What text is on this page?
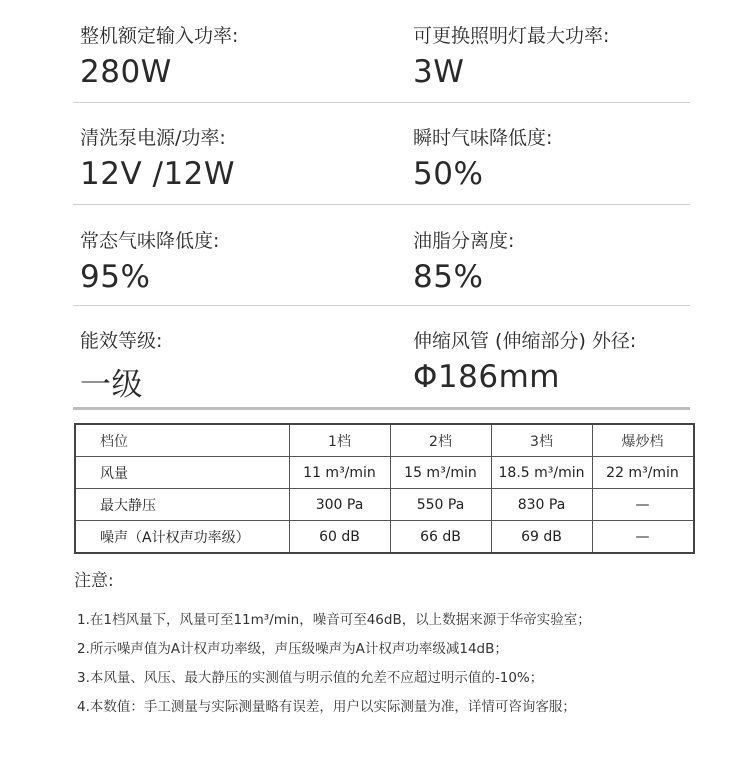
整机额定输入功率:
280W
可更换照明灯最大功率:
3W
清洗泵电源/功率:
12V /12W
瞬时气味降低度:
50%
常态气味降低度:
95%
油脂分离度:
85%
能效等级:
一级
伸缩风管 (伸缩部分) 外径:
Φ186mm
档位	1档	2档	3档	爆炒档
风量	11 m³/min	15 m³/min	18.5 m³/min	22 m³/min
最大静压	300 Pa	550 Pa	830 Pa	—
噪声（A计权声功率级）	60 dB	66 dB	69 dB	—
注意:
1.在1档风量下，风量可至11m³/min，噪音可至46dB，以上数据来源于华帝实验室；
2.所示噪声值为A计权声功率级，声压级噪声为A计权声功率级减14dB；
3.本风量、风压、最大静压的实测值与明示值的允差不应超过明示值的-10%；
4.本数值：手工测量与实际测量略有误差，用户以实际测量为准，详情可咨询客服；
